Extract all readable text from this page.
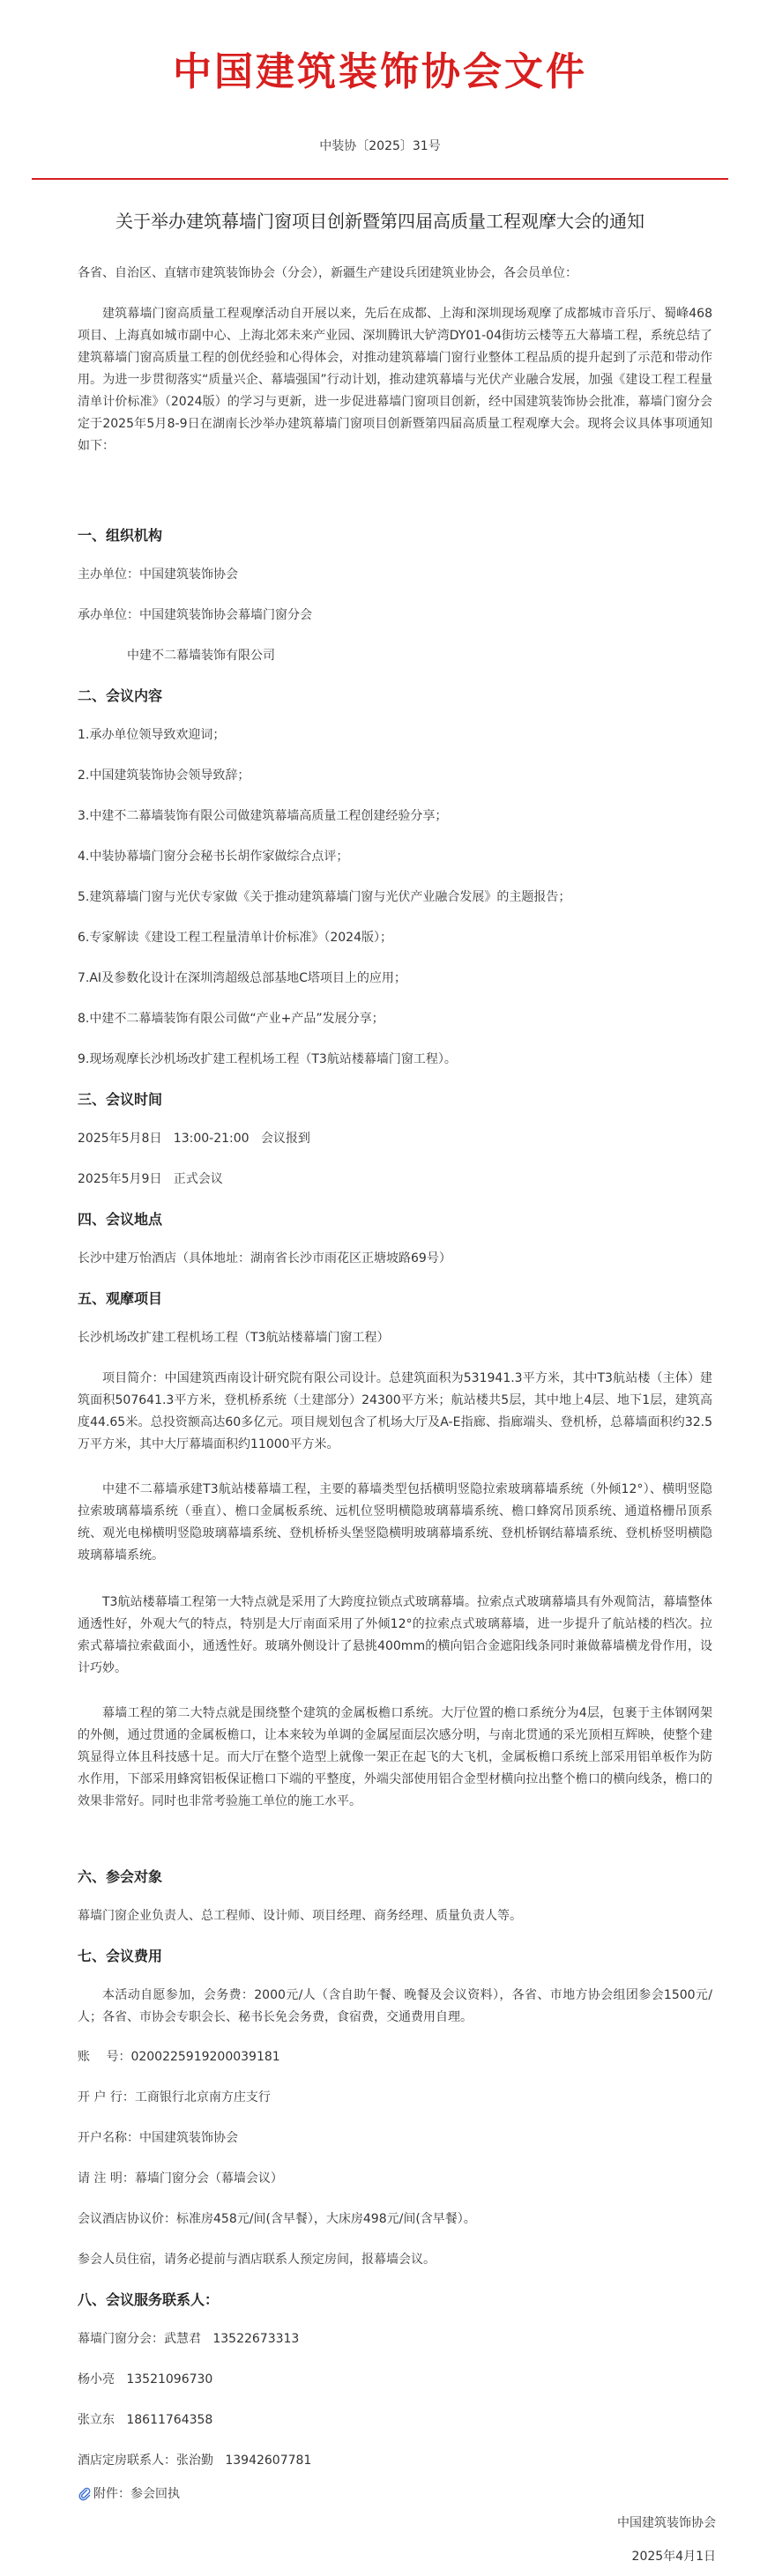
中国建筑装饰协会文件
中装协〔2025〕31号
关于举办建筑幕墙门窗项目创新暨第四届高质量工程观摩大会的通知
各省、自治区、直辖市建筑装饰协会（分会），新疆生产建设兵团建筑业协会，各会员单位：
建筑幕墙门窗高质量工程观摩活动自开展以来，先后在成都、上海和深圳现场观摩了成都城市音乐厅、蜀峰468项目、上海真如城市副中心、上海北郊未来产业园、深圳腾讯大铲湾DY01-04街坊云楼等五大幕墙工程，系统总结了建筑幕墙门窗高质量工程的创优经验和心得体会，对推动建筑幕墙门窗行业整体工程品质的提升起到了示范和带动作用。为进一步贯彻落实“质量兴企、幕墙强国”行动计划，推动建筑幕墙与光伏产业融合发展，加强《建设工程工程量清单计价标准》（2024版）的学习与更新，进一步促进幕墙门窗项目创新，经中国建筑装饰协会批准，幕墙门窗分会定于2025年5月8-9日在湖南长沙举办建筑幕墙门窗项目创新暨第四届高质量工程观摩大会。现将会议具体事项通知如下：
一、组织机构
主办单位：中国建筑装饰协会
承办单位：中国建筑装饰协会幕墙门窗分会
中建不二幕墙装饰有限公司
二、会议内容
1.承办单位领导致欢迎词；
2.中国建筑装饰协会领导致辞；
3.中建不二幕墙装饰有限公司做建筑幕墙高质量工程创建经验分享；
4.中装协幕墙门窗分会秘书长胡作家做综合点评；
5.建筑幕墙门窗与光伏专家做《关于推动建筑幕墙门窗与光伏产业融合发展》的主题报告；
6.专家解读《建设工程工程量清单计价标准》（2024版）；
7.AI及参数化设计在深圳湾超级总部基地C塔项目上的应用；
8.中建不二幕墙装饰有限公司做“产业+产品”发展分享；
9.现场观摩长沙机场改扩建工程机场工程（T3航站楼幕墙门窗工程）。
三、会议时间
2025年5月8日   13:00-21:00   会议报到
2025年5月9日   正式会议
四、会议地点
长沙中建万怡酒店（具体地址：湖南省长沙市雨花区正塘坡路69号）
五、观摩项目
长沙机场改扩建工程机场工程（T3航站楼幕墙门窗工程）
项目简介：中国建筑西南设计研究院有限公司设计。总建筑面积为531941.3平方米，其中T3航站楼（主体）建筑面积507641.3平方米，登机桥系统（土建部分）24300平方米；航站楼共5层，其中地上4层、地下1层，建筑高度44.65米。总投资额高达60多亿元。项目规划包含了机场大厅及A-E指廊、指廊端头、登机桥，总幕墙面积约32.5万平方米，其中大厅幕墙面积约11000平方米。
中建不二幕墙承建T3航站楼幕墙工程，主要的幕墙类型包括横明竖隐拉索玻璃幕墙系统（外倾12°）、横明竖隐拉索玻璃幕墙系统（垂直）、檐口金属板系统、远机位竖明横隐玻璃幕墙系统、檐口蜂窝吊顶系统、通道格栅吊顶系统、观光电梯横明竖隐玻璃幕墙系统、登机桥桥头堡竖隐横明玻璃幕墙系统、登机桥钢结幕墙系统、登机桥竖明横隐玻璃幕墙系统。
T3航站楼幕墙工程第一大特点就是采用了大跨度拉锁点式玻璃幕墙。拉索点式玻璃幕墙具有外观简洁，幕墙整体通透性好，外观大气的特点，特别是大厅南面采用了外倾12°的拉索点式玻璃幕墙，进一步提升了航站楼的档次。拉索式幕墙拉索截面小，通透性好。玻璃外侧设计了悬挑400mm的横向铝合金遮阳线条同时兼做幕墙横龙骨作用，设计巧妙。
幕墙工程的第二大特点就是围绕整个建筑的金属板檐口系统。大厅位置的檐口系统分为4层，包裹于主体钢网架的外侧，通过贯通的金属板檐口，让本来较为单调的金属屋面层次感分明，与南北贯通的采光顶相互辉映，使整个建筑显得立体且科技感十足。而大厅在整个造型上就像一架正在起飞的大飞机，金属板檐口系统上部采用铝单板作为防水作用，下部采用蜂窝铝板保证檐口下端的平整度，外端尖部使用铝合金型材横向拉出整个檐口的横向线条，檐口的效果非常好。同时也非常考验施工单位的施工水平。
六、参会对象
幕墙门窗企业负责人、总工程师、设计师、项目经理、商务经理、质量负责人等。
七、会议费用
本活动自愿参加，会务费：2000元/人（含自助午餐、晚餐及会议资料），各省、市地方协会组团参会1500元/人；各省、市协会专职会长、秘书长免会务费，食宿费，交通费用自理。
账　 号：0200225919200039181
开 户 行：工商银行北京南方庄支行
开户名称：中国建筑装饰协会
请 注 明：幕墙门窗分会（幕墙会议）
会议酒店协议价：标准房458元/间(含早餐），大床房498元/间(含早餐）。
参会人员住宿，请务必提前与酒店联系人预定房间，报幕墙会议。
八、会议服务联系人：
幕墙门窗分会：武慧君   13522673313
杨小亮   13521096730
张立东   18611764358
酒店定房联系人：张治勤   13942607781
附件：参会回执
中国建筑装饰协会
2025年4月1日
